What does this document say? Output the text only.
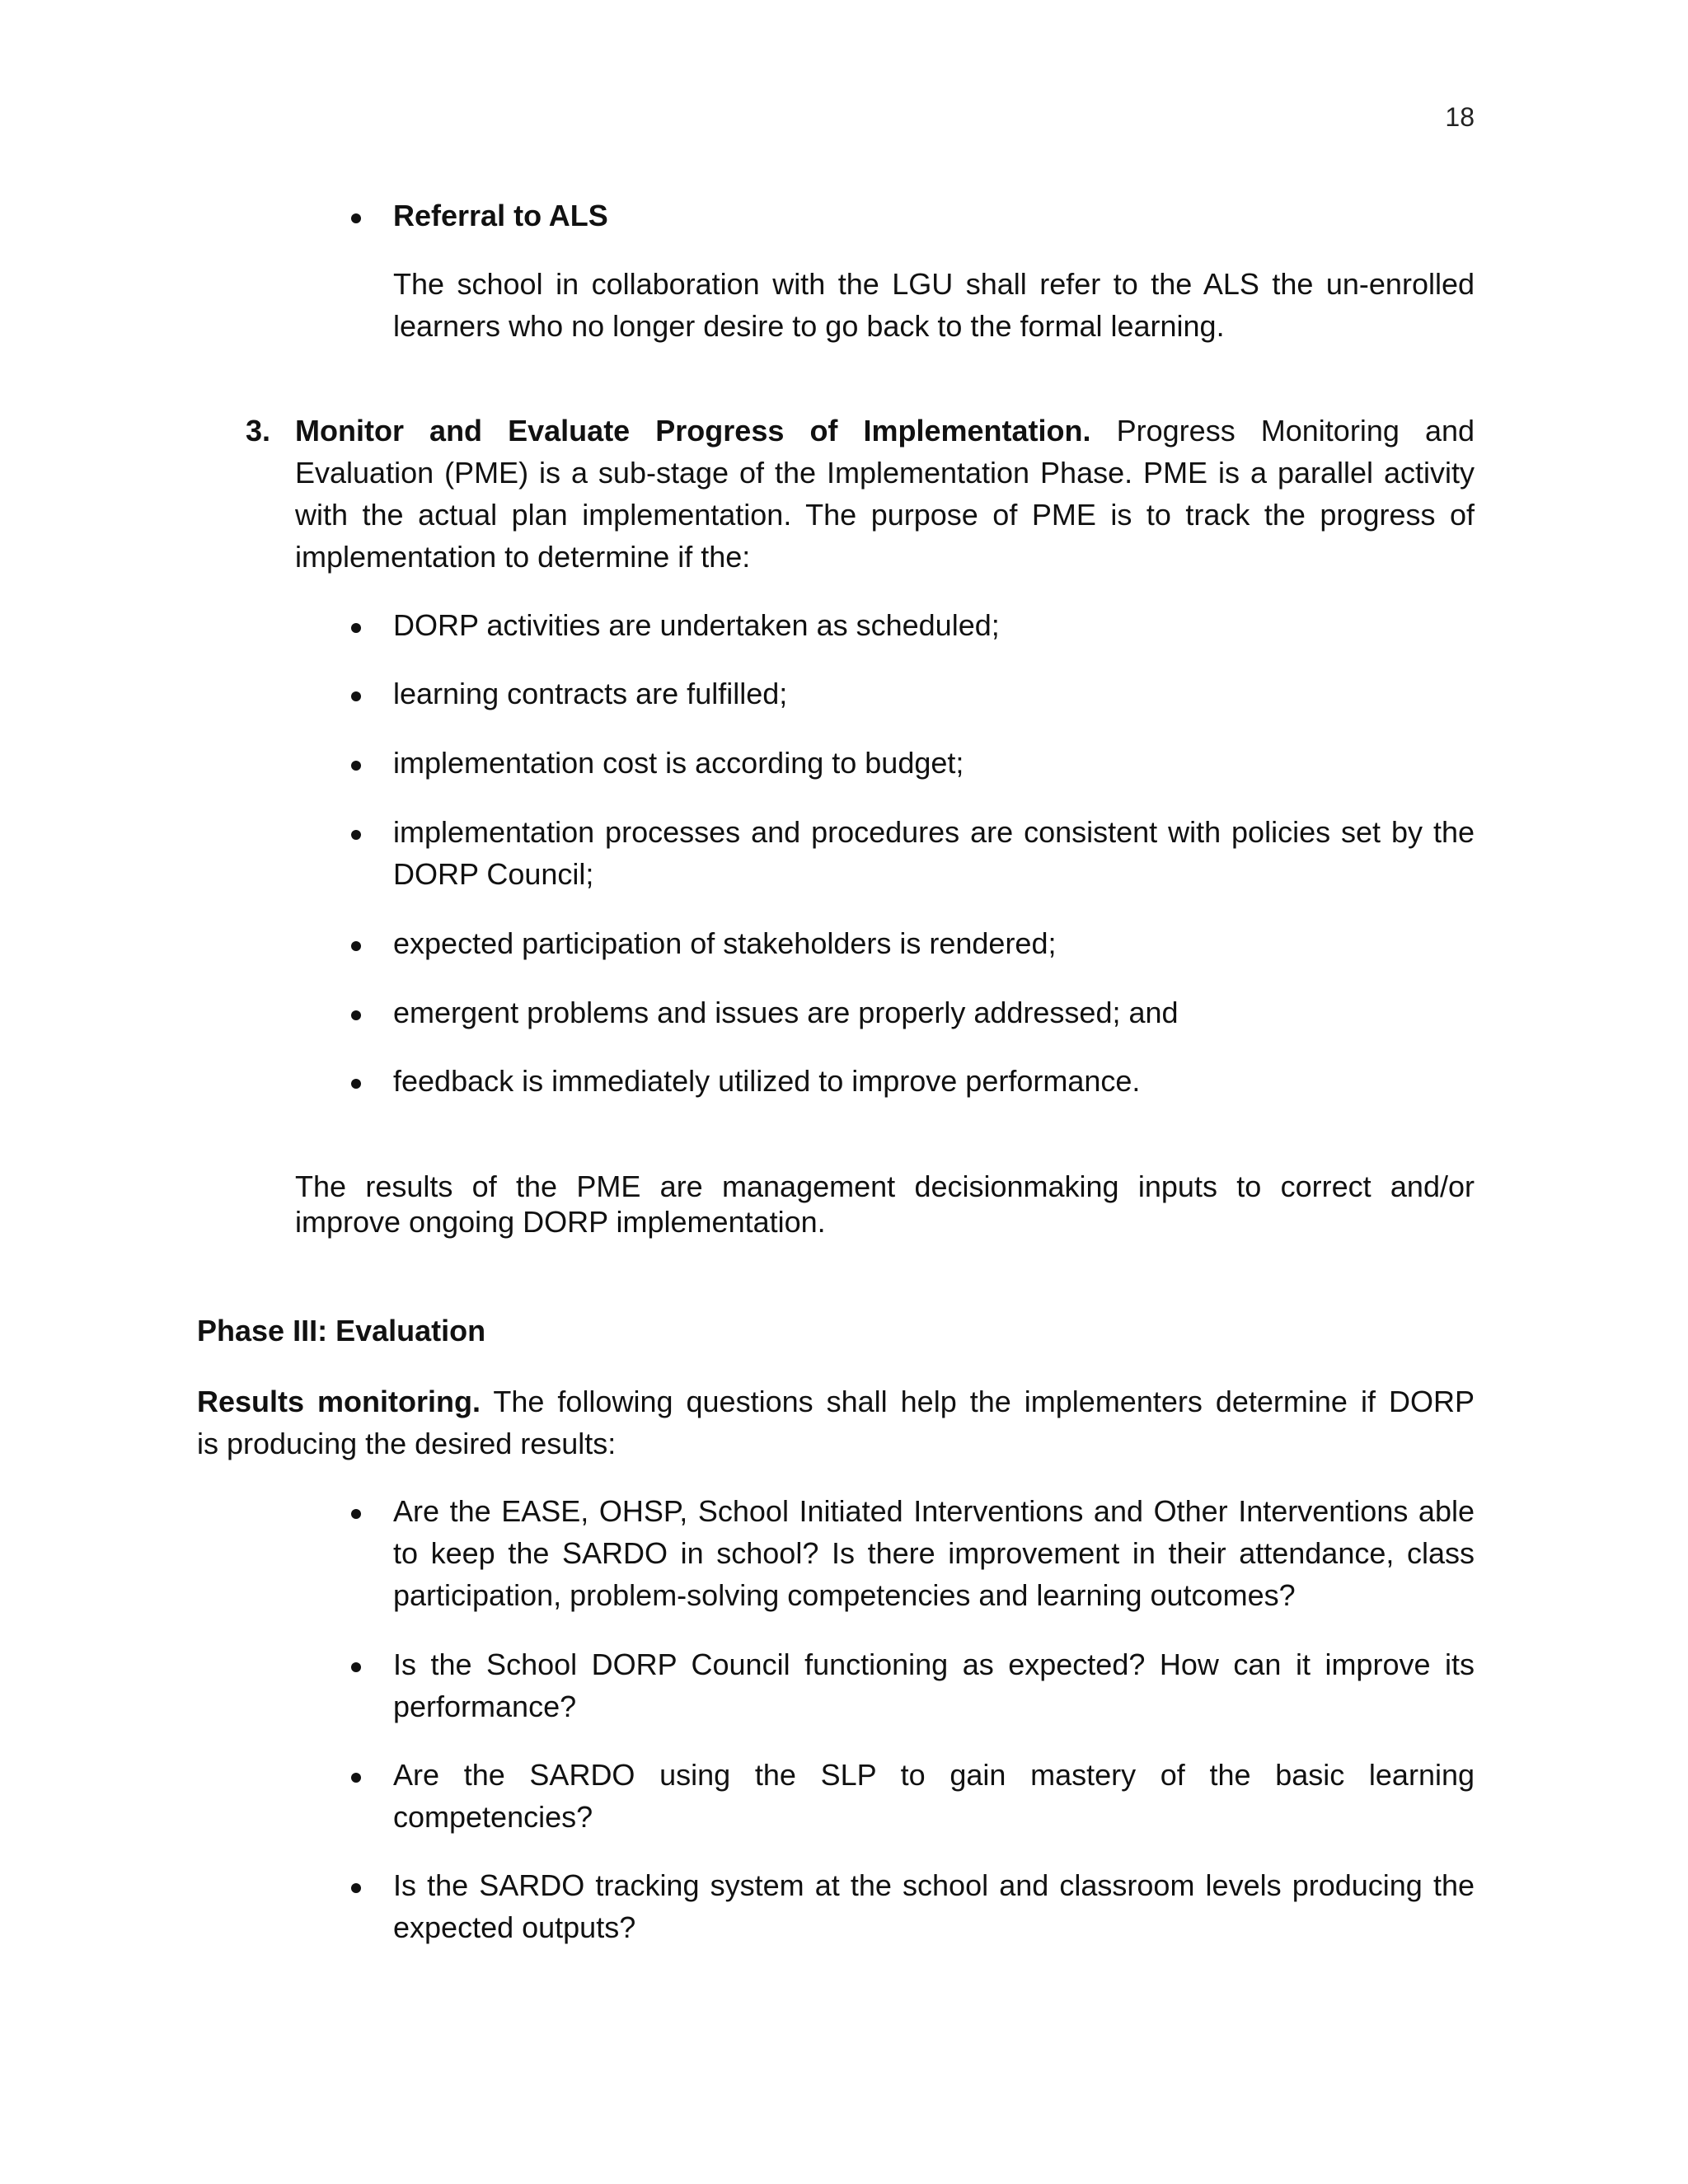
18
Referral to ALS
The school in collaboration with the LGU shall refer to the ALS the un-enrolled
learners who no longer desire to go back to the formal learning.
3. Monitor and Evaluate Progress of Implementation. Progress Monitoring and
Evaluation (PME) is a sub-stage of the Implementation Phase. PME is a parallel activity
with the actual plan implementation. The purpose of PME is to track the progress of
implementation to determine if the:
DORP activities are undertaken as scheduled;
learning contracts are fulfilled;
implementation cost is according to budget;
implementation processes and procedures are consistent with policies set by the
DORP Council;
expected participation of stakeholders is rendered;
emergent problems and issues are properly addressed; and
feedback is immediately utilized to improve performance.
The results of the PME are management decisionmaking inputs to correct and/or
improve ongoing DORP implementation.
Phase III: Evaluation
Results monitoring. The following questions shall help the implementers determine if DORP
is producing the desired results:
Are the EASE, OHSP, School Initiated Interventions and Other Interventions able
to keep the SARDO in school? Is there improvement in their attendance, class
participation, problem-solving competencies and learning outcomes?
Is the School DORP Council functioning as expected? How can it improve its
performance?
Are the SARDO using the SLP to gain mastery of the basic learning
competencies?
Is the SARDO tracking system at the school and classroom levels producing the
expected outputs?
